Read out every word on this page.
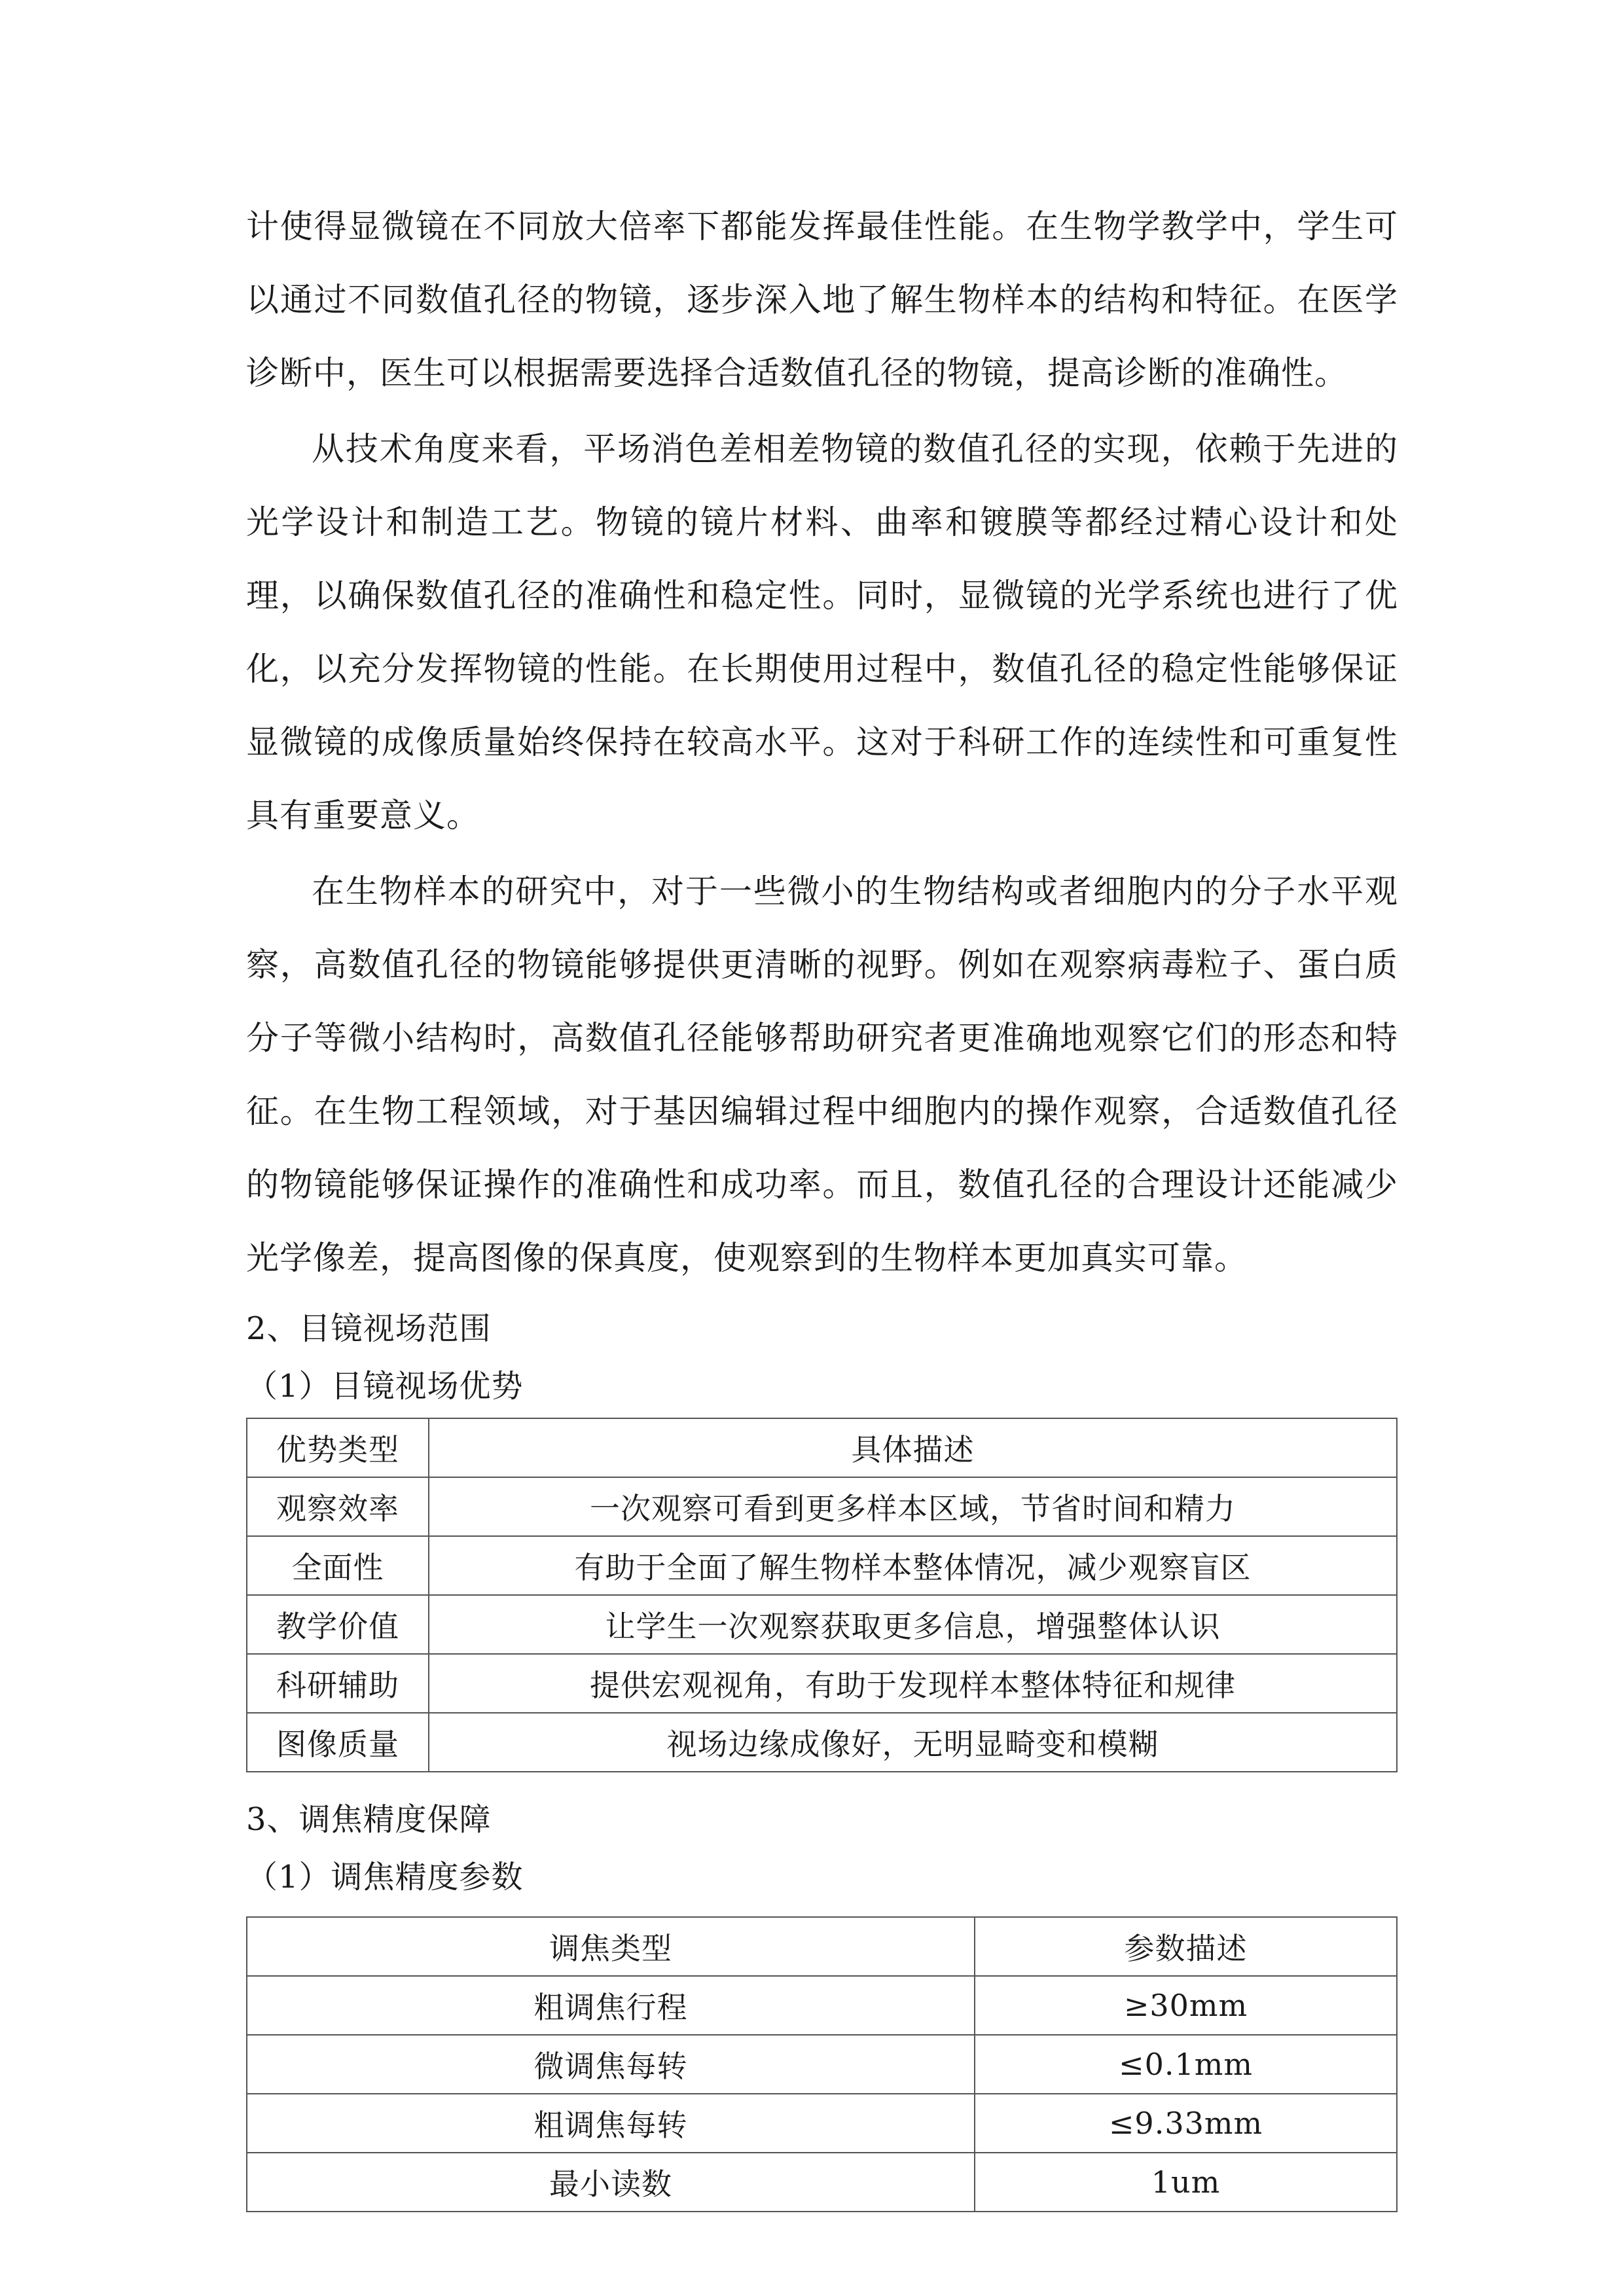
计使得显微镜在不同放大倍率下都能发挥最佳性能。在生物学教学中，学生可以通过不同数值孔径的物镜，逐步深入地了解生物样本的结构和特征。在医学诊断中，医生可以根据需要选择合适数值孔径的物镜，提高诊断的准确性。

从技术角度来看，平场消色差相差物镜的数值孔径的实现，依赖于先进的光学设计和制造工艺。物镜的镜片材料、曲率和镀膜等都经过精心设计和处理，以确保数值孔径的准确性和稳定性。同时，显微镜的光学系统也进行了优化，以充分发挥物镜的性能。在长期使用过程中，数值孔径的稳定性能够保证显微镜的成像质量始终保持在较高水平。这对于科研工作的连续性和可重复性具有重要意义。

在生物样本的研究中，对于一些微小的生物结构或者细胞内的分子水平观察，高数值孔径的物镜能够提供更清晰的视野。例如在观察病毒粒子、蛋白质分子等微小结构时，高数值孔径能够帮助研究者更准确地观察它们的形态和特征。在生物工程领域，对于基因编辑过程中细胞内的操作观察，合适数值孔径的物镜能够保证操作的准确性和成功率。而且，数值孔径的合理设计还能减少光学像差，提高图像的保真度，使观察到的生物样本更加真实可靠。

2、目镜视场范围

（1）目镜视场优势

优势类型	具体描述
观察效率	一次观察可看到更多样本区域，节省时间和精力
全面性	有助于全面了解生物样本整体情况，减少观察盲区
教学价值	让学生一次观察获取更多信息，增强整体认识
科研辅助	提供宏观视角，有助于发现样本整体特征和规律
图像质量	视场边缘成像好，无明显畸变和模糊

3、调焦精度保障

（1）调焦精度参数

调焦类型	参数描述
粗调焦行程	≥30mm
微调焦每转	≤0.1mm
粗调焦每转	≤9.33mm
最小读数	1um
